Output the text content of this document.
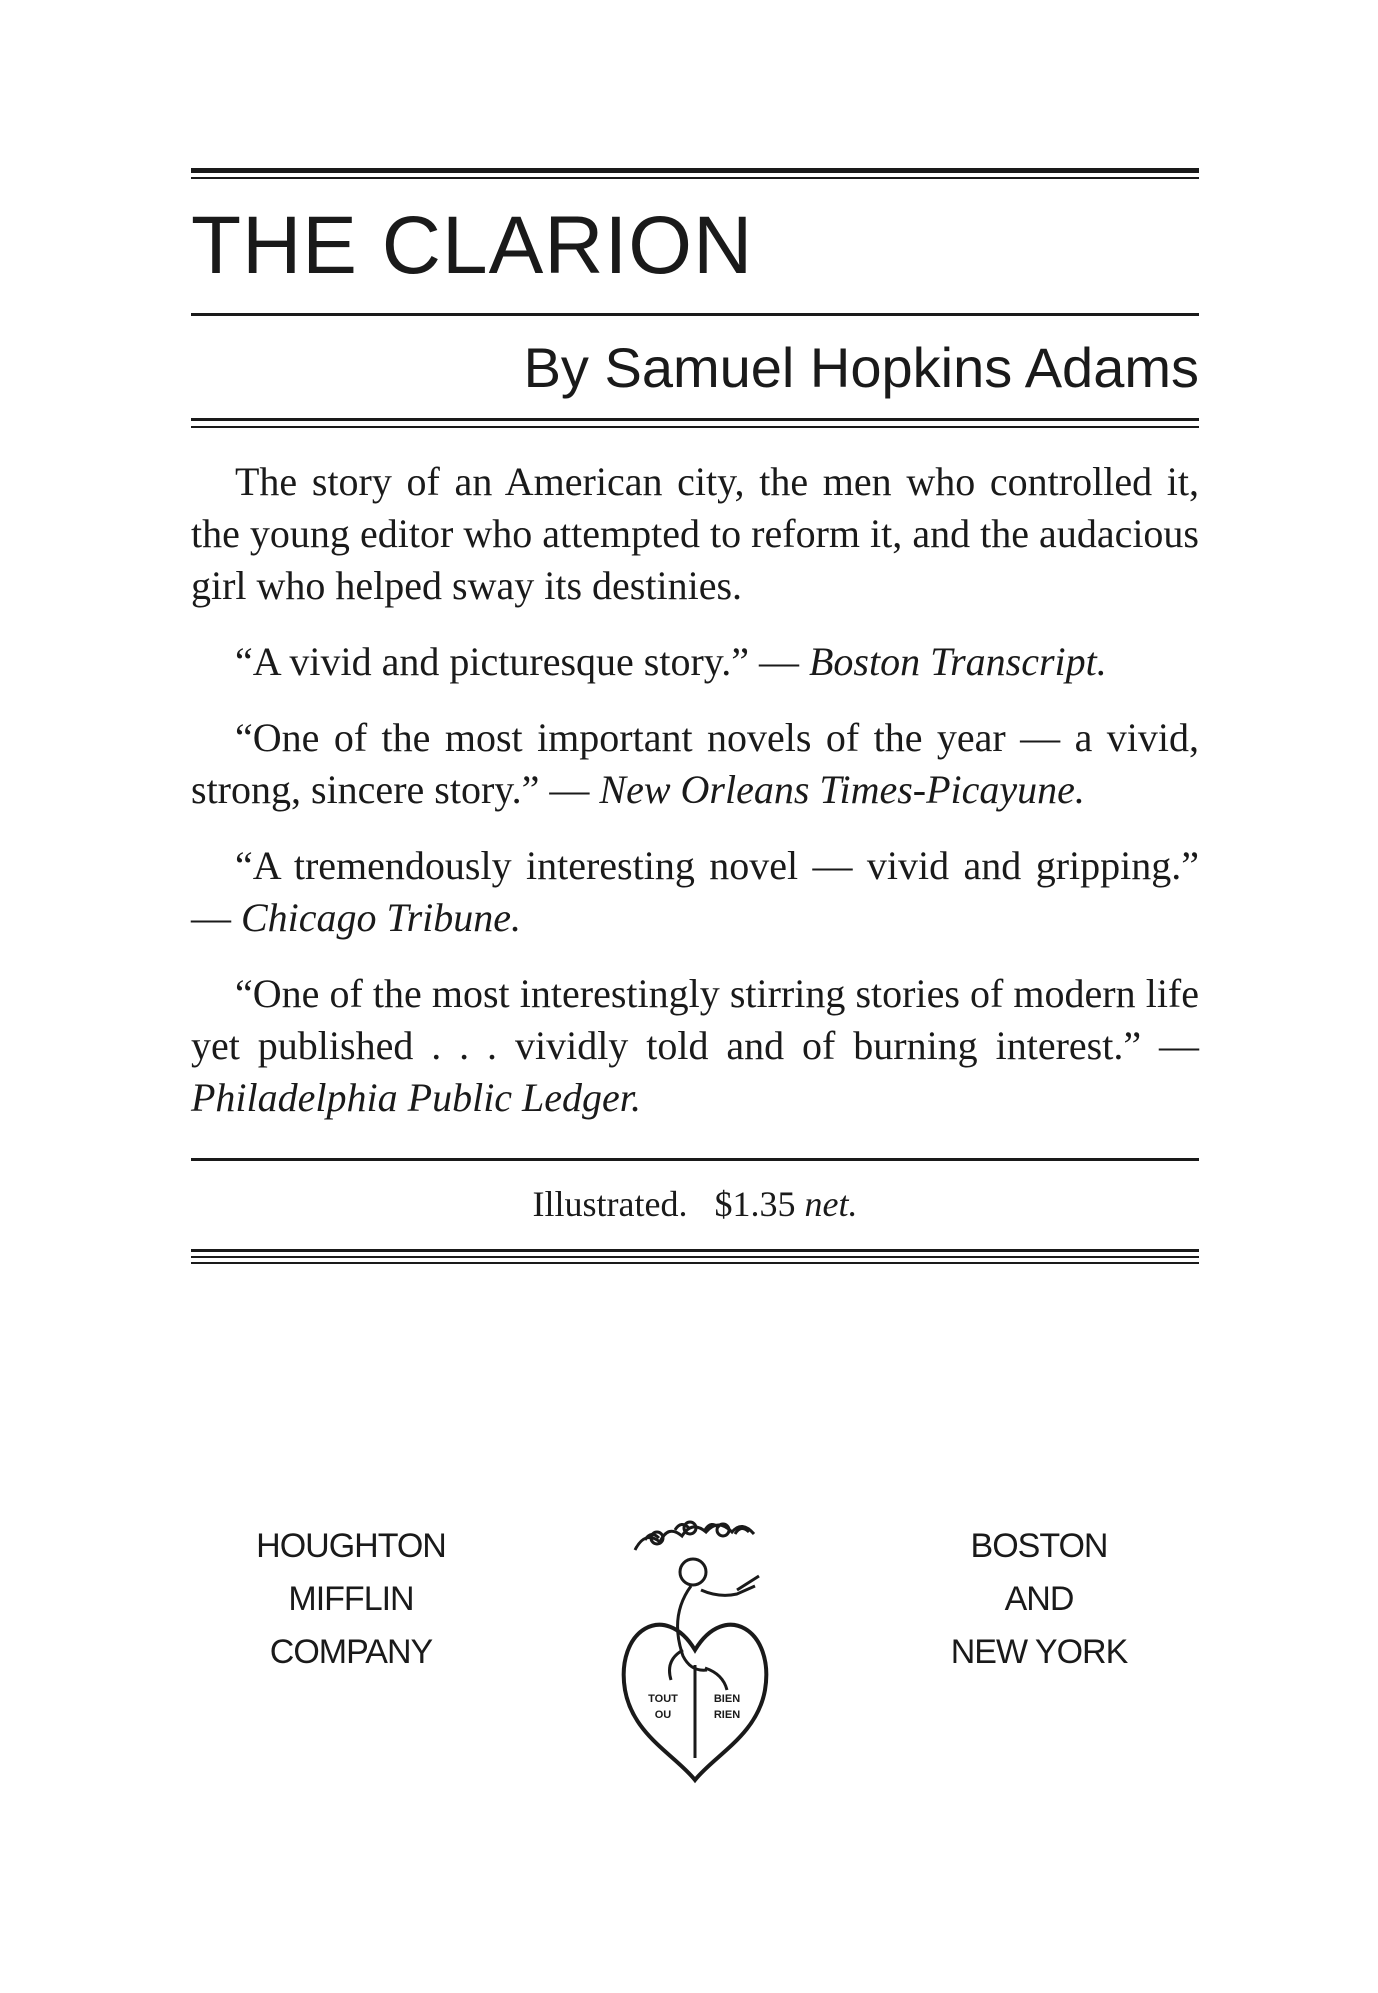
THE CLARION
By Samuel Hopkins Adams

The story of an American city, the men who controlled it, the young editor who attempted to reform it, and the audacious girl who helped sway its destinies.

“A vivid and picturesque story.” — Boston Transcript.

“One of the most important novels of the year — a vivid, strong, sincere story.” — New Orleans Times-Picayune.

“A tremendously interesting novel — vivid and gripping.” — Chicago Tribune.

“One of the most interestingly stirring stories of modern life yet published . . . vividly told and of burning interest.” — Philadelphia Public Ledger.

Illustrated. $1.35 net.
HOUGHTON
MIFFLIN
COMPANY
TOUT
OU
BIEN
RIEN
BOSTON
AND
NEW YORK
